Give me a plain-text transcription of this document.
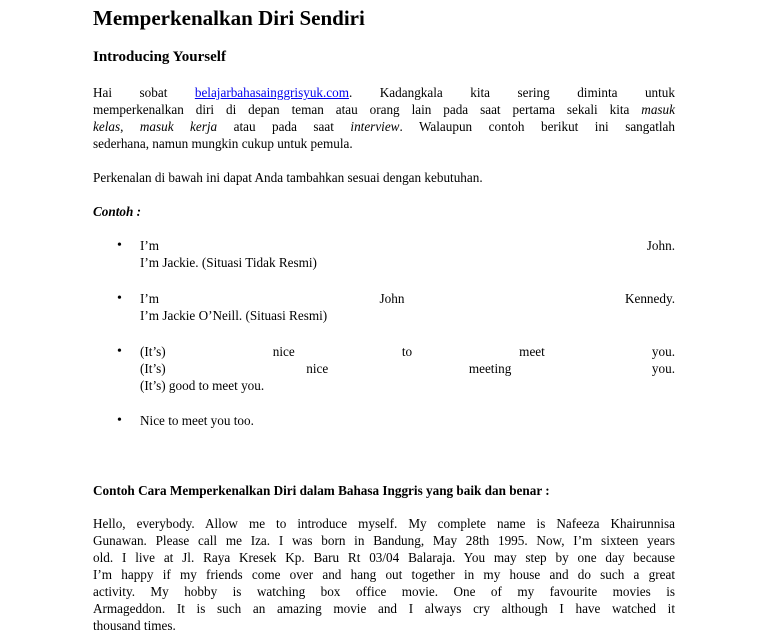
Memperkenalkan Diri Sendiri
Introducing Yourself
Hai sobat belajarbahasainggrisyuk.com. Kadangkala kita sering diminta untuk
memperkenalkan diri di depan teman atau orang lain pada saat pertama sekali kita masuk
kelas, masuk kerja atau pada saat interview. Walaupun contoh berikut ini sangatlah
sederhana, namun mungkin cukup untuk pemula.

Perkenalan di bawah ini dapat Anda tambahkan sesuai dengan kebutuhan.

Contoh :

• I’m John.
I’m Jackie. (Situasi Tidak Resmi)
• I’m John Kennedy.
I’m Jackie O’Neill. (Situasi Resmi)
• (It’s) nice to meet you.
(It’s) nice meeting you.
(It’s) good to meet you.
• Nice to meet you too.

Contoh Cara Memperkenalkan Diri dalam Bahasa Inggris yang baik dan benar :

Hello, everybody. Allow me to introduce myself. My complete name is Nafeeza Khairunnisa
Gunawan. Please call me Iza. I was born in Bandung, May 28th 1995. Now, I’m sixteen years
old. I live at Jl. Raya Kresek Kp. Baru Rt 03/04 Balaraja. You may step by one day because
I’m happy if my friends come over and hang out together in my house and do such a great
activity. My hobby is watching box office movie. One of my favourite movies is
Armageddon. It is such an amazing movie and I always cry although I have watched it
thousand times.
